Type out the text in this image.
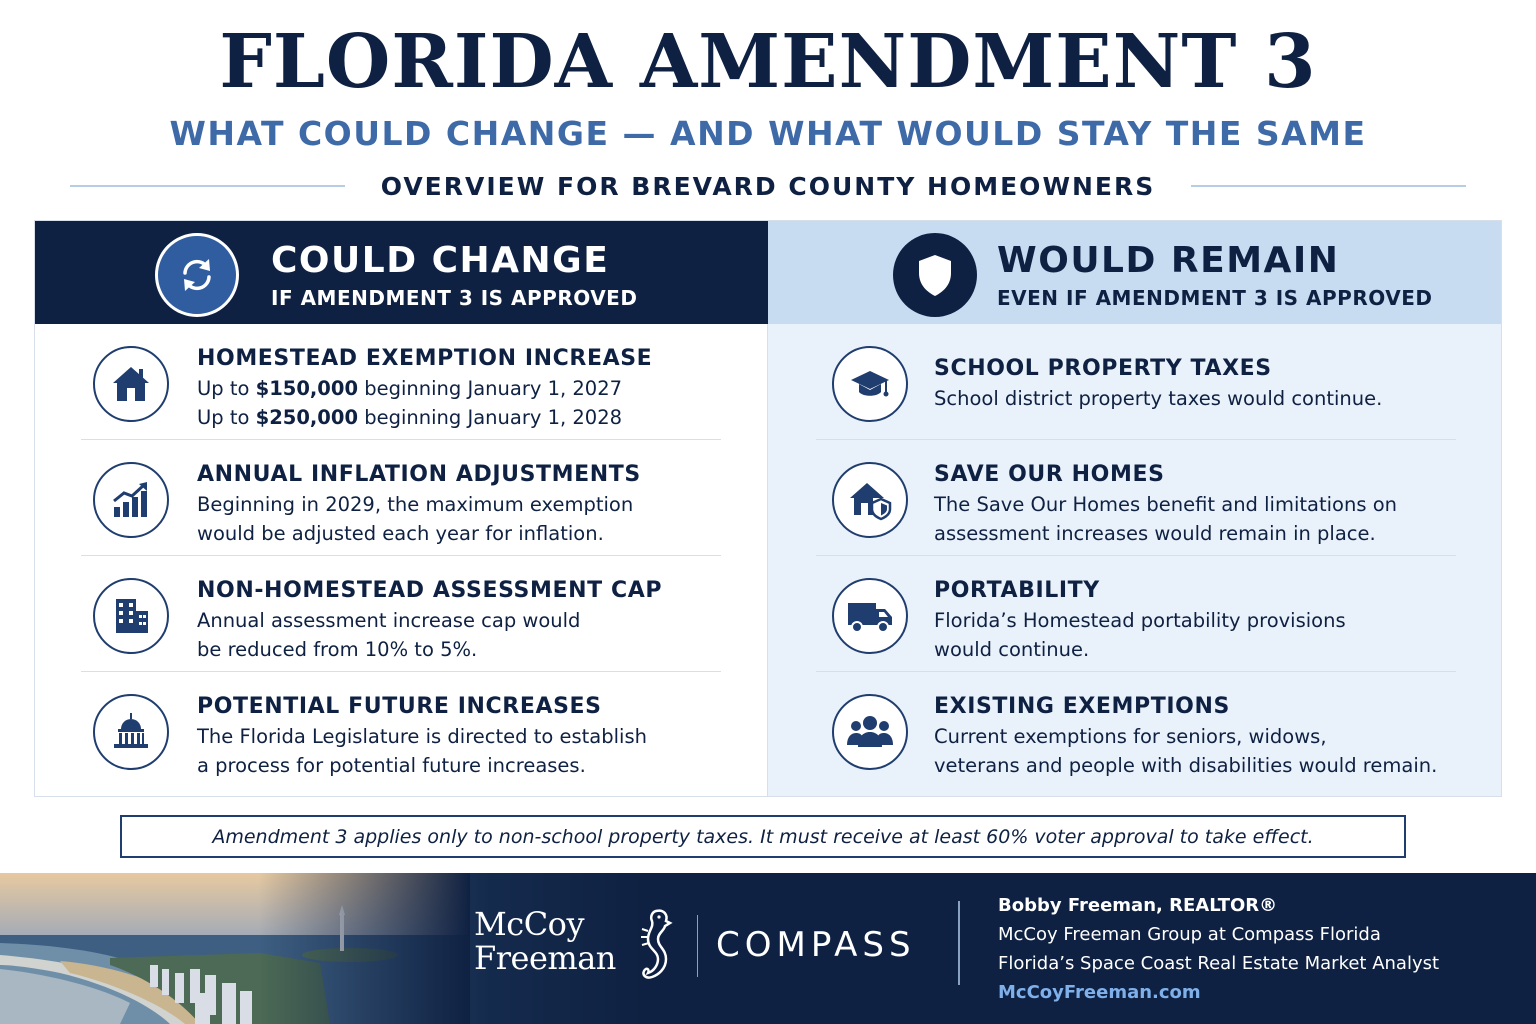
FLORIDA AMENDMENT 3
WHAT COULD CHANGE — AND WHAT WOULD STAY THE SAME
OVERVIEW FOR BREVARD COUNTY HOMEOWNERS
COULD CHANGE
IF AMENDMENT 3 IS APPROVED
HOMESTEAD EXEMPTION INCREASE
Up to $150,000 beginning January 1, 2027
Up to $250,000 beginning January 1, 2028
ANNUAL INFLATION ADJUSTMENTS
Beginning in 2029, the maximum exemption
would be adjusted each year for inflation.
NON-HOMESTEAD ASSESSMENT CAP
Annual assessment increase cap would
be reduced from 10% to 5%.
POTENTIAL FUTURE INCREASES
The Florida Legislature is directed to establish
a process for potential future increases.
WOULD REMAIN
EVEN IF AMENDMENT 3 IS APPROVED
SCHOOL PROPERTY TAXES
School district property taxes would continue.
SAVE OUR HOMES
The Save Our Homes benefit and limitations on
assessment increases would remain in place.
PORTABILITY
Florida’s Homestead portability provisions
would continue.
EXISTING EXEMPTIONS
Current exemptions for seniors, widows,
veterans and people with disabilities would remain.
Amendment 3 applies only to non-school property taxes. It must receive at least 60% voter approval to take effect.
McCoy
Freeman	COMPASS
Bobby Freeman, REALTOR®
McCoy Freeman Group at Compass Florida
Florida’s Space Coast Real Estate Market Analyst
McCoyFreeman.com
